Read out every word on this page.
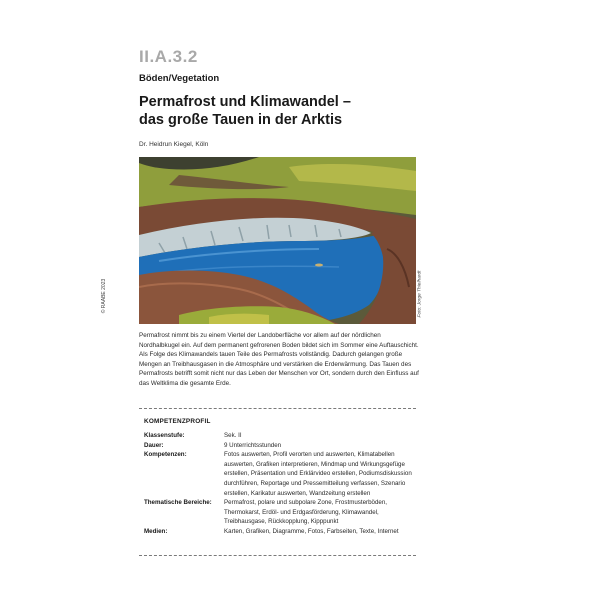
II.A.3.2
Böden/Vegetation
Permafrost und Klimawandel –
das große Tauen in der Arktis
Dr. Heidrun Kiegel, Köln
© RAABE 2023	Foto: Jorge Thielhardt

Permafrost nimmt bis zu einem Viertel der Landoberfläche vor allem auf der nördlichen Nordhalbkugel ein. Auf dem permanent gefrorenen Boden bildet sich im Sommer eine Auftauschicht. Als Folge des Klimawandels tauen Teile des Permafrosts vollständig. Dadurch gelangen große Mengen an Treibhausgasen in die Atmosphäre und verstärken die Erderwärmung. Das Tauen des Permafrosts betrifft somit nicht nur das Leben der Menschen vor Ort, sondern durch den Einfluss auf das Weltklima die gesamte Erde.

KOMPETENZPROFIL
Klassenstufe:	Sek. II
Dauer:	9 Unterrichtsstunden
Kompetenzen:	Fotos auswerten, Profil verorten und auswerten, Klimatabellen auswerten, Grafiken interpretieren, Mindmap und Wirkungsgefüge erstellen, Präsentation und Erklärvideo erstellen, Podiumsdiskussion durchführen, Reportage und Pressemitteilung verfassen, Szenario erstellen, Karikatur auswerten, Wandzeitung erstellen
Thematische Bereiche:	Permafrost, polare und subpolare Zone, Frostmusterböden, Thermokarst, Erdöl- und Erdgasförderung, Klimawandel, Treibhausgase, Rückkopplung, Kipppunkt
Medien:	Karten, Grafiken, Diagramme, Fotos, Farbseiten, Texte, Internet
